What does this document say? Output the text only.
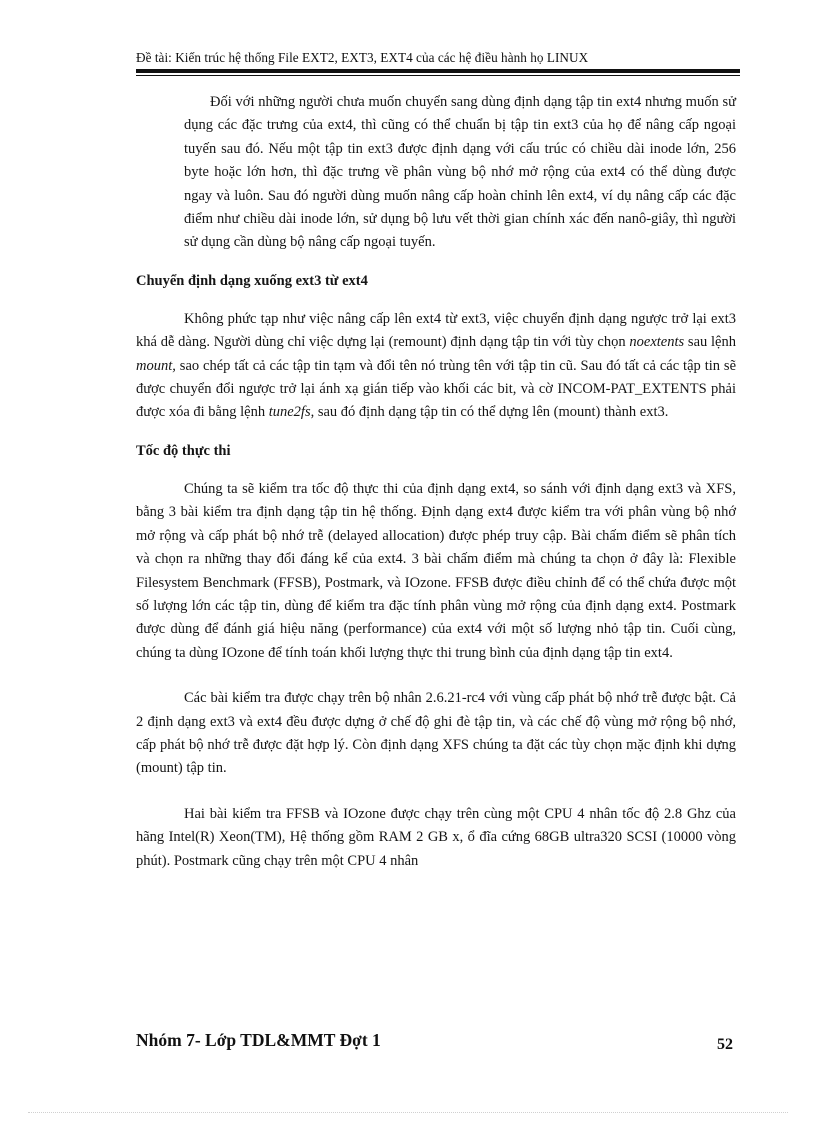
Đề tài: Kiến trúc hệ thống File EXT2, EXT3, EXT4 của các hệ điều hành họ LINUX

Đối với những người chưa muốn chuyển sang dùng định dạng tập tin ext4 nhưng muốn sử dụng các đặc trưng của ext4, thì cũng có thể chuẩn bị tập tin ext3 của họ để nâng cấp ngoại tuyến sau đó. Nếu một tập tin ext3 được định dạng với cấu trúc có chiều dài inode lớn, 256 byte hoặc lớn hơn, thì đặc trưng về phân vùng bộ nhớ mở rộng của ext4 có thể dùng được ngay và luôn. Sau đó người dùng muốn nâng cấp hoàn chỉnh lên ext4, ví dụ nâng cấp các đặc điểm như chiều dài inode lớn, sử dụng bộ lưu vết thời gian chính xác đến nanô-giây, thì người sử dụng cần dùng bộ nâng cấp ngoại tuyến.

Chuyển định dạng xuống ext3 từ ext4

Không phức tạp như việc nâng cấp lên ext4 từ ext3, việc chuyển định dạng ngược trở lại ext3 khá dễ dàng. Người dùng chỉ việc dựng lại (remount) định dạng tập tin với tùy chọn noextents sau lệnh mount, sao chép tất cả các tập tin tạm và đổi tên nó trùng tên với tập tin cũ. Sau đó tất cả các tập tin sẽ được chuyển đổi ngược trở lại ánh xạ gián tiếp vào khối các bit, và cờ INCOM-PAT_EXTENTS phải được xóa đi bằng lệnh tune2fs, sau đó định dạng tập tin có thể dựng lên (mount) thành ext3.

Tốc độ thực thi

Chúng ta sẽ kiểm tra tốc độ thực thi của định dạng ext4, so sánh với định dạng ext3 và XFS, bằng 3 bài kiểm tra định dạng tập tin hệ thống. Định dạng ext4 được kiểm tra với phân vùng bộ nhớ mở rộng và cấp phát bộ nhớ trễ (delayed allocation) được phép truy cập. Bài chấm điểm sẽ phân tích và chọn ra những thay đổi đáng kể của ext4. 3 bài chấm điểm mà chúng ta chọn ở đây là: Flexible Filesystem Benchmark (FFSB), Postmark, và IOzone. FFSB được điều chỉnh để có thể chứa được một số lượng lớn các tập tin, dùng để kiểm tra đặc tính phân vùng mở rộng của định dạng ext4. Postmark được dùng để đánh giá hiệu năng (performance) của ext4 với một số lượng nhỏ tập tin. Cuối cùng, chúng ta dùng IOzone để tính toán khối lượng thực thi trung bình của định dạng tập tin ext4.

Các bài kiểm tra được chạy trên bộ nhân 2.6.21-rc4 với vùng cấp phát bộ nhớ trễ được bật. Cả 2 định dạng ext3 và ext4 đều được dựng ở chế độ ghi đè tập tin, và các chế độ vùng mở rộng bộ nhớ, cấp phát bộ nhớ trễ được đặt hợp lý. Còn định dạng XFS chúng ta đặt các tùy chọn mặc định khi dựng (mount) tập tin.

Hai bài kiểm tra FFSB và IOzone được chạy trên cùng một CPU 4 nhân tốc độ 2.8 Ghz của hãng Intel(R) Xeon(TM), Hệ thống gồm RAM 2 GB x, ổ đĩa cứng 68GB ultra320 SCSI (10000 vòng phút). Postmark cũng chạy trên một CPU 4 nhân

Nhóm 7- Lớp TDL&MMT Đợt 1	52
